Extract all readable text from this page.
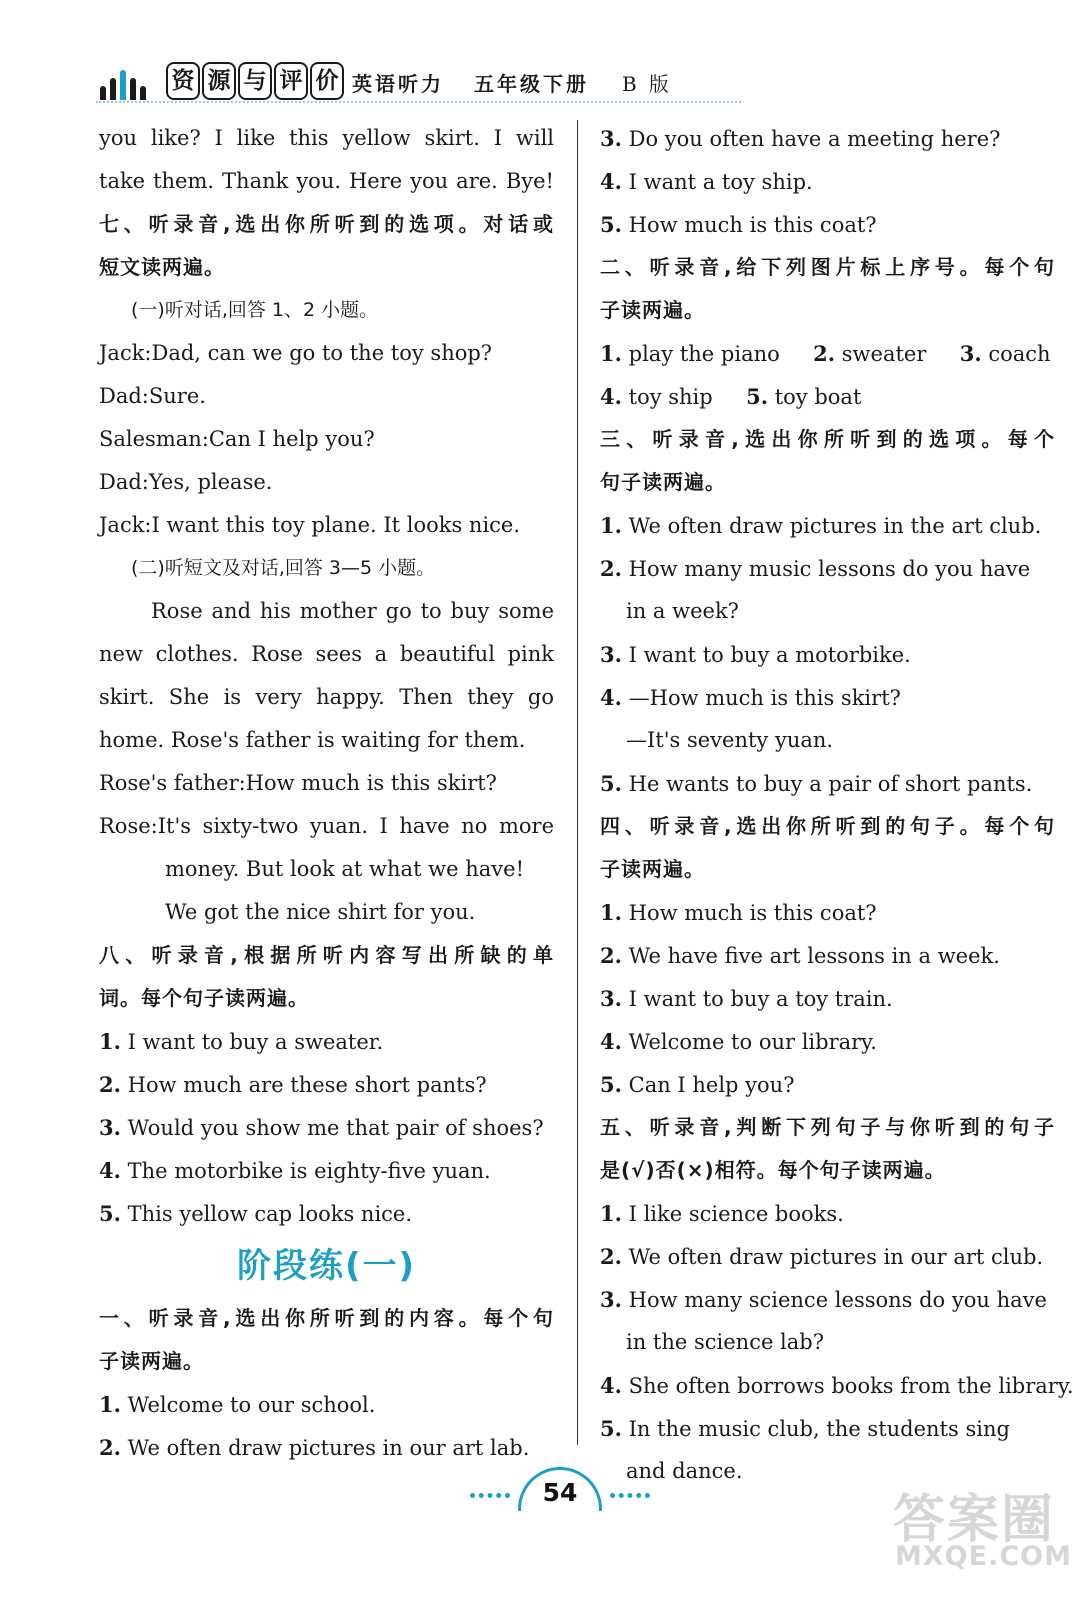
资 源 与 评 价 英语听力 五年级下册 B 版
you like? I like this yellow skirt. I will
take them. Thank you. Here you are. Bye!
七、听录音,选出你所听到的选项。对话或
短文读两遍。
(一)听对话,回答 1、2 小题。
Jack:Dad, can we go to the toy shop?
Dad:Sure.
Salesman:Can I help you?
Dad:Yes, please.
Jack:I want this toy plane. It looks nice.
(二)听短文及对话,回答 3—5 小题。
Rose and his mother go to buy some
new clothes. Rose sees a beautiful pink
skirt. She is very happy. Then they go
home. Rose's father is waiting for them.
Rose's father:How much is this skirt?
Rose:It's sixty-two yuan. I have no more
money. But look at what we have!
We got the nice shirt for you.
八、听录音,根据所听内容写出所缺的单
词。每个句子读两遍。
1. I want to buy a sweater.
2. How much are these short pants?
3. Would you show me that pair of shoes?
4. The motorbike is eighty-five yuan.
5. This yellow cap looks nice.
阶段练(一)
一、听录音,选出你所听到的内容。每个句
子读两遍。
1. Welcome to our school.
2. We often draw pictures in our art lab.
3. Do you often have a meeting here?
4. I want a toy ship.
5. How much is this coat?
二、听录音,给下列图片标上序号。每个句
子读两遍。
1. play the piano 2. sweater 3. coach
4. toy ship 5. toy boat
三、听录音,选出你所听到的选项。每个
句子读两遍。
1. We often draw pictures in the art club.
2. How many music lessons do you have
in a week?
3. I want to buy a motorbike.
4. —How much is this skirt?
—It's seventy yuan.
5. He wants to buy a pair of short pants.
四、听录音,选出你所听到的句子。每个句
子读两遍。
1. How much is this coat?
2. We have five art lessons in a week.
3. I want to buy a toy train.
4. Welcome to our library.
5. Can I help you?
五、听录音,判断下列句子与你听到的句子
是(√)否(×)相符。每个句子读两遍。
1. I like science books.
2. We often draw pictures in our art club.
3. How many science lessons do you have
in the science lab?
4. She often borrows books from the library.
5. In the music club, the students sing
and dance.
54	答案圈
MXQE.COM
